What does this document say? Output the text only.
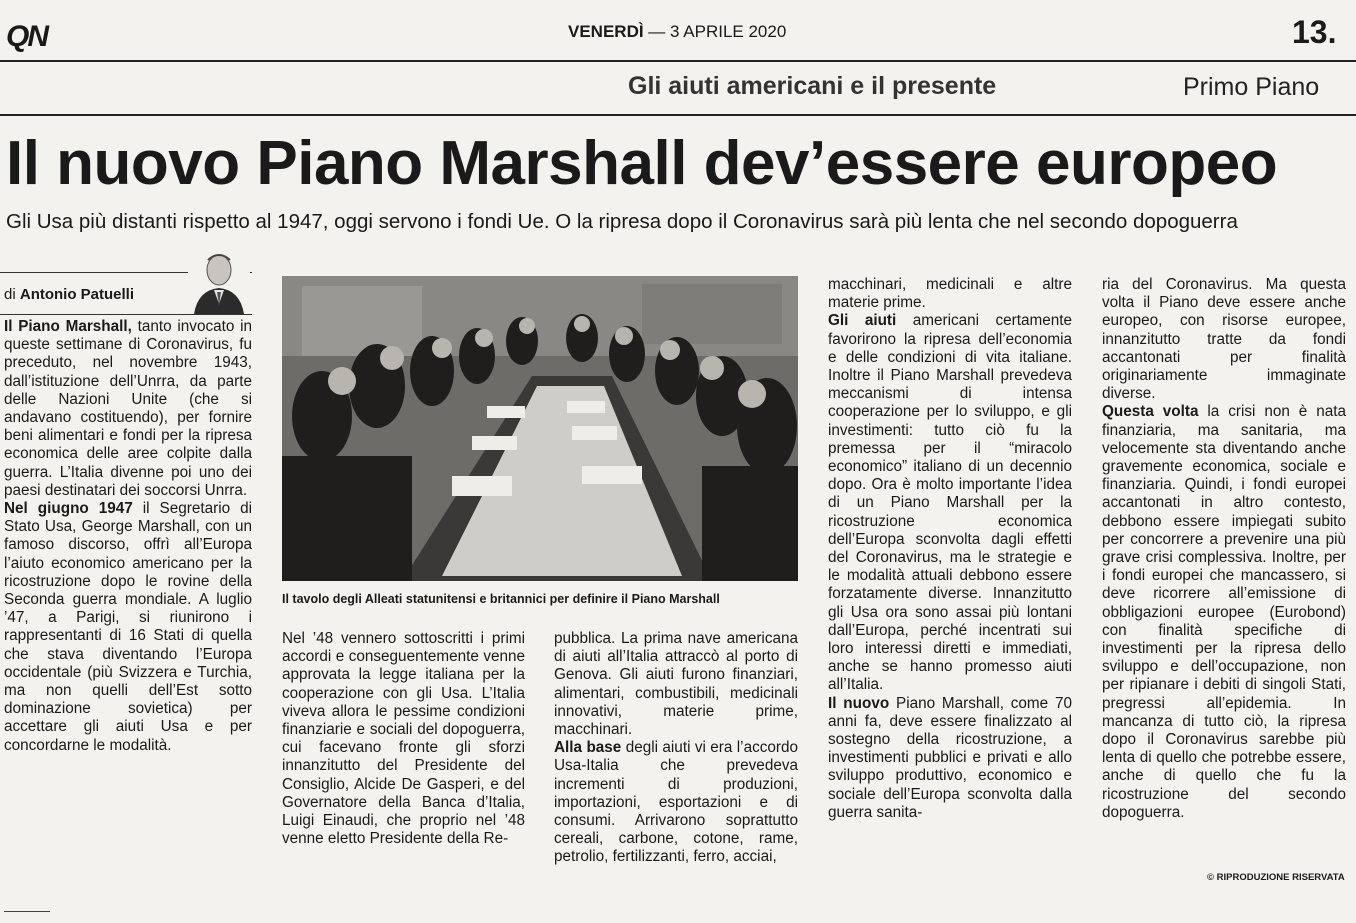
QN	VENERDÌ — 3 APRILE 2020	13.
Gli aiuti americani e il presente	Primo Piano
Il nuovo Piano Marshall dev’essere europeo
Gli Usa più distanti rispetto al 1947, oggi servono i fondi Ue. O la ripresa dopo il Coronavirus sarà più lenta che nel secondo dopoguerra
di Antonio Patuelli
Il tavolo degli Alleati statunitensi e britannici per definire il Piano Marshall

Il Piano Marshall, tanto invocato in queste settimane di Coronavirus, fu preceduto, nel novembre 1943, dall’istituzione dell’Unrra, da parte delle Nazioni Unite (che si andavano costituendo), per fornire beni alimentari e fondi per la ripresa economica delle aree colpite dalla guerra. L’Italia divenne poi uno dei paesi destinatari dei soccorsi Unrra.

Nel giugno 1947 il Segretario di Stato Usa, George Marshall, con un famoso discorso, offrì all’Europa l’aiuto economico americano per la ricostruzione dopo le rovine della Seconda guerra mondiale. A luglio ’47, a Parigi, si riunirono i rappresentanti di 16 Stati di quella che stava diventando l’Europa occidentale (più Svizzera e Turchia, ma non quelli dell’Est sotto dominazione sovietica) per accettare gli aiuti Usa e per concordarne le modalità.

Nel ’48 vennero sottoscritti i primi accordi e conseguentemente venne approvata la legge italiana per la cooperazione con gli Usa. L’Italia viveva allora le pessime condizioni finanziarie e sociali del dopoguerra, cui facevano fronte gli sforzi innanzitutto del Presidente del Consiglio, Alcide De Gasperi, e del Governatore della Banca d’Italia, Luigi Einaudi, che proprio nel ’48 venne eletto Presidente della Re-

pubblica. La prima nave americana di aiuti all’Italia attraccò al porto di Genova. Gli aiuti furono finanziari, alimentari, combustibili, medicinali innovativi, materie prime, macchinari.

Alla base degli aiuti vi era l’accordo Usa-Italia che prevedeva incrementi di produzioni, importazioni, esportazioni e di consumi. Arrivarono soprattutto cereali, carbone, cotone, rame, petrolio, fertilizzanti, ferro, acciai,

macchinari, medicinali e altre materie prime.

Gli aiuti americani certamente favorirono la ripresa dell’economia e delle condizioni di vita italiane. Inoltre il Piano Marshall prevedeva meccanismi di intensa cooperazione per lo sviluppo, e gli investimenti: tutto ciò fu la premessa per il “miracolo economico” italiano di un decennio dopo. Ora è molto importante l’idea di un Piano Marshall per la ricostruzione economica dell’Europa sconvolta dagli effetti del Coronavirus, ma le strategie e le modalità attuali debbono essere forzatamente diverse. Innanzitutto gli Usa ora sono assai più lontani dall’Europa, perché incentrati sui loro interessi diretti e immediati, anche se hanno promesso aiuti all’Italia.

Il nuovo Piano Marshall, come 70 anni fa, deve essere finalizzato al sostegno della ricostruzione, a investimenti pubblici e privati e allo sviluppo produttivo, economico e sociale dell’Europa sconvolta dalla guerra sanita-

ria del Coronavirus. Ma questa volta il Piano deve essere anche europeo, con risorse europee, innanzitutto tratte da fondi accantonati per finalità originariamente immaginate diverse.

Questa volta la crisi non è nata finanziaria, ma sanitaria, ma velocemente sta diventando anche gravemente economica, sociale e finanziaria. Quindi, i fondi europei accantonati in altro contesto, debbono essere impiegati subito per concorrere a prevenire una più grave crisi complessiva. Inoltre, per i fondi europei che mancassero, si deve ricorrere all’emissione di obbligazioni europee (Eurobond) con finalità specifiche di investimenti per la ripresa dello sviluppo e dell’occupazione, non per ripianare i debiti di singoli Stati, pregressi all’epidemia. In mancanza di tutto ciò, la ripresa dopo il Coronavirus sarebbe più lenta di quello che potrebbe essere, anche di quello che fu la ricostruzione del secondo dopoguerra.

© RIPRODUZIONE RISERVATA
